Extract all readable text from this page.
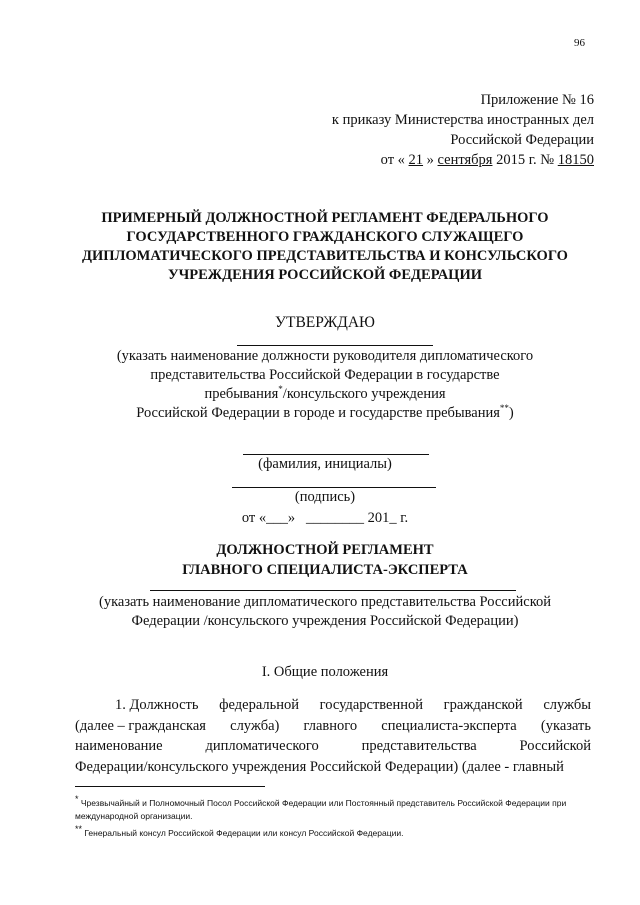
96
Приложение № 16
к приказу Министерства иностранных дел
Российской Федерации
от « 21 » сентября 2015 г. № 18150
ПРИМЕРНЫЙ ДОЛЖНОСТНОЙ РЕГЛАМЕНТ ФЕДЕРАЛЬНОГО
ГОСУДАРСТВЕННОГО ГРАЖДАНСКОГО СЛУЖАЩЕГО
ДИПЛОМАТИЧЕСКОГО ПРЕДСТАВИТЕЛЬСТВА И КОНСУЛЬСКОГО
УЧРЕЖДЕНИЯ РОССИЙСКОЙ ФЕДЕРАЦИИ
УТВЕРЖДАЮ
(указать наименование должности руководителя дипломатического
представительства Российской Федерации в государстве
пребывания*/консульского учреждения
Российской Федерации в городе и государстве пребывания**)
(фамилия, инициалы)
(подпись)
от «___» ________ 201_ г.
ДОЛЖНОСТНОЙ РЕГЛАМЕНТ
ГЛАВНОГО СПЕЦИАЛИСТА-ЭКСПЕРТА
(указать наименование дипломатического представительства Российской
Федерации /консульского учреждения Российской Федерации)
I. Общие положения
1. Должность федеральной государственной гражданской службы
(далее – гражданская служба) главного специалиста-эксперта (указать
наименование	дипломатического	представительства	Российской
Федерации/консульского учреждения Российской Федерации) (далее - главный
* Чрезвычайный и Полномочный Посол Российской Федерации или Постоянный представитель Российской Федерации при международной организации.
** Генеральный консул Российской Федерации или консул Российской Федерации.
